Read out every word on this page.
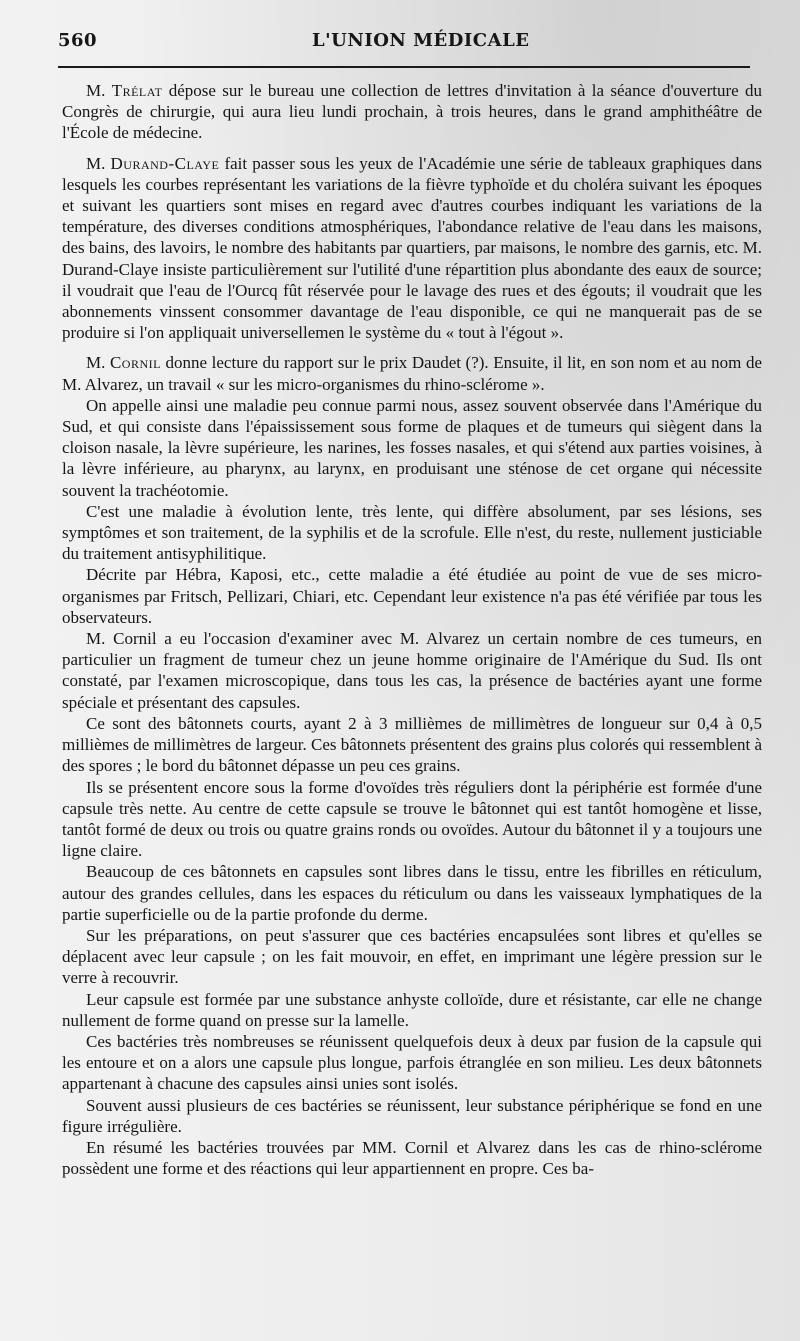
560	L'UNION MÉDICALE

M. Trélat dépose sur le bureau une collection de lettres d'invitation à la séance d'ouverture du Congrès de chirurgie, qui aura lieu lundi prochain, à trois heures, dans le grand amphithéâtre de l'École de médecine.

M. Durand-Claye fait passer sous les yeux de l'Académie une série de tableaux graphiques dans lesquels les courbes représentant les variations de la fièvre typhoïde et du choléra suivant les époques et suivant les quartiers sont mises en regard avec d'autres courbes indiquant les variations de la température, des diverses conditions atmosphériques, l'abondance relative de l'eau dans les maisons, des bains, des lavoirs, le nombre des habitants par quartiers, par maisons, le nombre des garnis, etc. M. Durand-Claye insiste particulièrement sur l'utilité d'une répartition plus abondante des eaux de source; il voudrait que l'eau de l'Ourcq fût réservée pour le lavage des rues et des égouts; il voudrait que les abonnements vinssent consommer davantage de l'eau disponible, ce qui ne manquerait pas de se produire si l'on appliquait universellemen le système du « tout à l'égout ».

M. Cornil donne lecture du rapport sur le prix Daudet (?). Ensuite, il lit, en son nom et au nom de M. Alvarez, un travail « sur les micro-organismes du rhino-sclérome ».

On appelle ainsi une maladie peu connue parmi nous, assez souvent observée dans l'Amérique du Sud, et qui consiste dans l'épaississement sous forme de plaques et de tumeurs qui siègent dans la cloison nasale, la lèvre supérieure, les narines, les fosses nasales, et qui s'étend aux parties voisines, à la lèvre inférieure, au pharynx, au larynx, en produisant une sténose de cet organe qui nécessite souvent la trachéotomie.

C'est une maladie à évolution lente, très lente, qui diffère absolument, par ses lésions, ses symptômes et son traitement, de la syphilis et de la scrofule. Elle n'est, du reste, nullement justiciable du traitement antisyphilitique.

Décrite par Hébra, Kaposi, etc., cette maladie a été étudiée au point de vue de ses micro-organismes par Fritsch, Pellizari, Chiari, etc. Cependant leur existence n'a pas été vérifiée par tous les observateurs.

M. Cornil a eu l'occasion d'examiner avec M. Alvarez un certain nombre de ces tumeurs, en particulier un fragment de tumeur chez un jeune homme originaire de l'Amérique du Sud. Ils ont constaté, par l'examen microscopique, dans tous les cas, la présence de bactéries ayant une forme spéciale et présentant des capsules.

Ce sont des bâtonnets courts, ayant 2 à 3 millièmes de millimètres de longueur sur 0,4 à 0,5 millièmes de millimètres de largeur. Ces bâtonnets présentent des grains plus colorés qui ressemblent à des spores ; le bord du bâtonnet dépasse un peu ces grains.

Ils se présentent encore sous la forme d'ovoïdes très réguliers dont la périphérie est formée d'une capsule très nette. Au centre de cette capsule se trouve le bâtonnet qui est tantôt homogène et lisse, tantôt formé de deux ou trois ou quatre grains ronds ou ovoïdes. Autour du bâtonnet il y a toujours une ligne claire.

Beaucoup de ces bâtonnets en capsules sont libres dans le tissu, entre les fibrilles en réticulum, autour des grandes cellules, dans les espaces du réticulum ou dans les vaisseaux lymphatiques de la partie superficielle ou de la partie profonde du derme.

Sur les préparations, on peut s'assurer que ces bactéries encapsulées sont libres et qu'elles se déplacent avec leur capsule ; on les fait mouvoir, en effet, en imprimant une légère pression sur le verre à recouvrir.

Leur capsule est formée par une substance anhyste colloïde, dure et résistante, car elle ne change nullement de forme quand on presse sur la lamelle.

Ces bactéries très nombreuses se réunissent quelquefois deux à deux par fusion de la capsule qui les entoure et on a alors une capsule plus longue, parfois étranglée en son milieu. Les deux bâtonnets appartenant à chacune des capsules ainsi unies sont isolés.

Souvent aussi plusieurs de ces bactéries se réunissent, leur substance périphérique se fond en une figure irrégulière.

En résumé les bactéries trouvées par MM. Cornil et Alvarez dans les cas de rhino-sclérome possèdent une forme et des réactions qui leur appartiennent en propre. Ces ba-
